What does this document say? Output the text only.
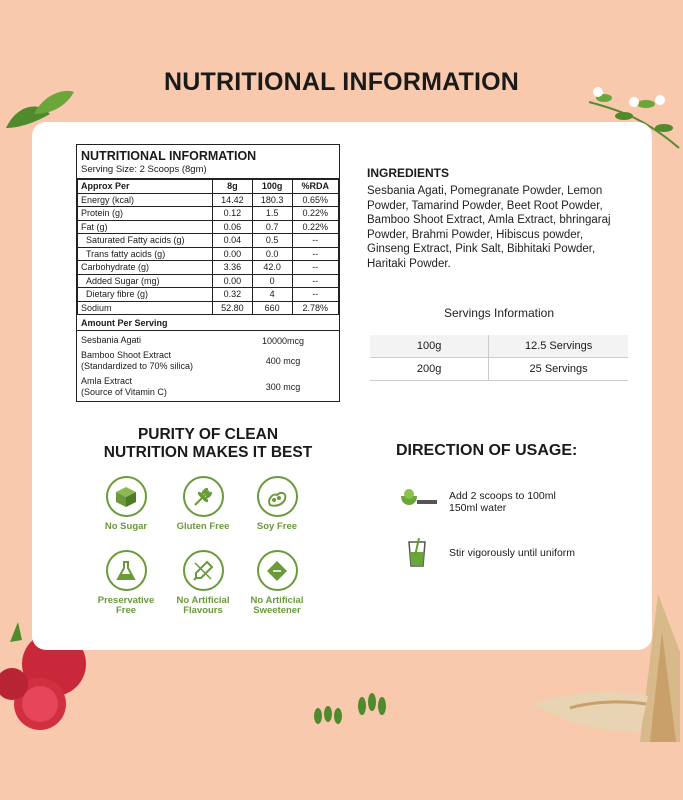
NUTRITIONAL INFORMATION
NUTRITIONAL INFORMATION
Serving Size: 2 Scoops (8gm)
Approx Per	8g	100g	%RDA
Energy (kcal)	14.42	180.3	0.65%
Protein (g)	0.12	1.5	0.22%
Fat (g)	0.06	0.7	0.22%
Saturated Fatty acids (g)	0.04	0.5	--
Trans fatty acids (g)	0.00	0.0	--
Carbohydrate (g)	3.36	42.0	--
Added Sugar (mg)	0.00	0	--
Dietary fibre (g)	0.32	4	--
Sodium	52.80	660	2.78%
Amount Per Serving
Sesbania Agati	10000mcg
Bamboo Shoot Extract
(Standardized to 70% silica)	400 mcg
Amla Extract
(Source of Vitamin C)	300 mcg
INGREDIENTS
Sesbania Agati, Pomegranate Powder, Lemon Powder, Tamarind Powder, Beet Root Powder, Bamboo Shoot Extract, Amla Extract, bhringaraj Powder, Brahmi Powder, Hibiscus powder, Ginseng Extract, Pink Salt, Bibhitaki Powder, Haritaki Powder.
Servings Information
100g	12.5 Servings
200g	25 Servings
PURITY OF CLEAN
NUTRITION MAKES IT BEST
No Sugar	Gluten Free	Soy Free
Preservative
Free
No Artificial
Flavours
No Artificial
Sweetener
DIRECTION OF USAGE:
Add 2 scoops to 100ml
150ml water
Stir vigorously until uniform
